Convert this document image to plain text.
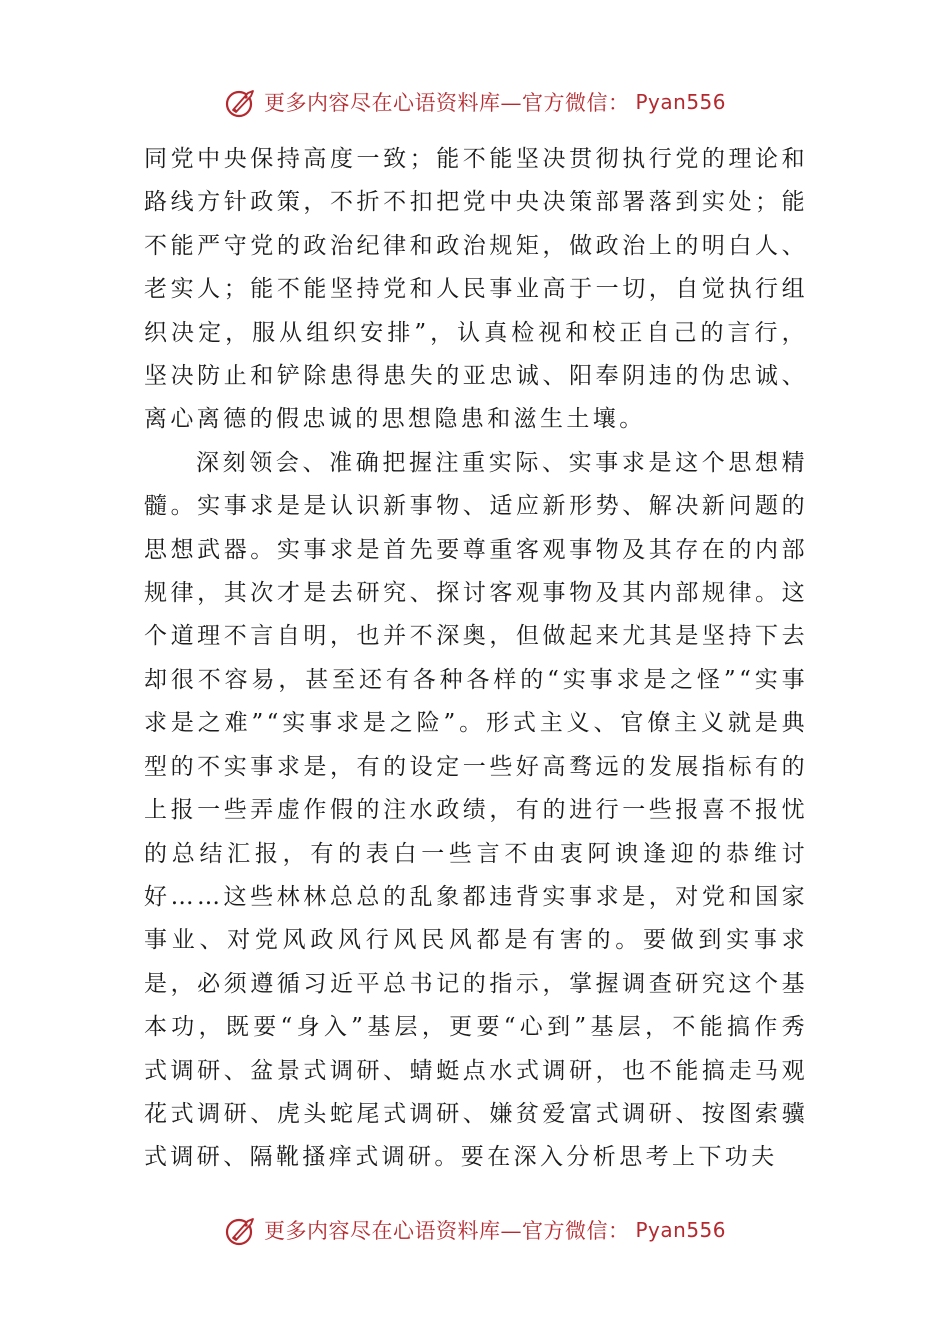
更多内容尽在心语资料库—官方微信： Pyan556

同党中央保持高度一致；能不能坚决贯彻执行党的理论和路线方针政策，不折不扣把党中央决策部署落到实处；能不能严守党的政治纪律和政治规矩，做政治上的明白人、老实人；能不能坚持党和人民事业高于一切，自觉执行组织决定，服从组织安排”，认真检视和校正自己的言行，坚决防止和铲除患得患失的亚忠诚、阳奉阴违的伪忠诚、离心离德的假忠诚的思想隐患和滋生土壤。

深刻领会、准确把握注重实际、实事求是这个思想精髓。实事求是是认识新事物、适应新形势、解决新问题的思想武器。实事求是首先要尊重客观事物及其存在的内部规律，其次才是去研究、探讨客观事物及其内部规律。这个道理不言自明，也并不深奥，但做起来尤其是坚持下去却很不容易，甚至还有各种各样的“实事求是之怪”“实事求是之难”“实事求是之险”。形式主义、官僚主义就是典型的不实事求是，有的设定一些好高骛远的发展指标有的上报一些弄虚作假的注水政绩，有的进行一些报喜不报忧的总结汇报，有的表白一些言不由衷阿谀逢迎的恭维讨好……这些林林总总的乱象都违背实事求是，对党和国家事业、对党风政风行风民风都是有害的。要做到实事求是，必须遵循习近平总书记的指示，掌握调查研究这个基本功，既要“身入”基层，更要“心到”基层，不能搞作秀式调研、盆景式调研、蜻蜓点水式调研，也不能搞走马观花式调研、虎头蛇尾式调研、嫌贫爱富式调研、按图索骥式调研、隔靴搔痒式调研。要在深入分析思考上下功夫

更多内容尽在心语资料库—官方微信： Pyan556
